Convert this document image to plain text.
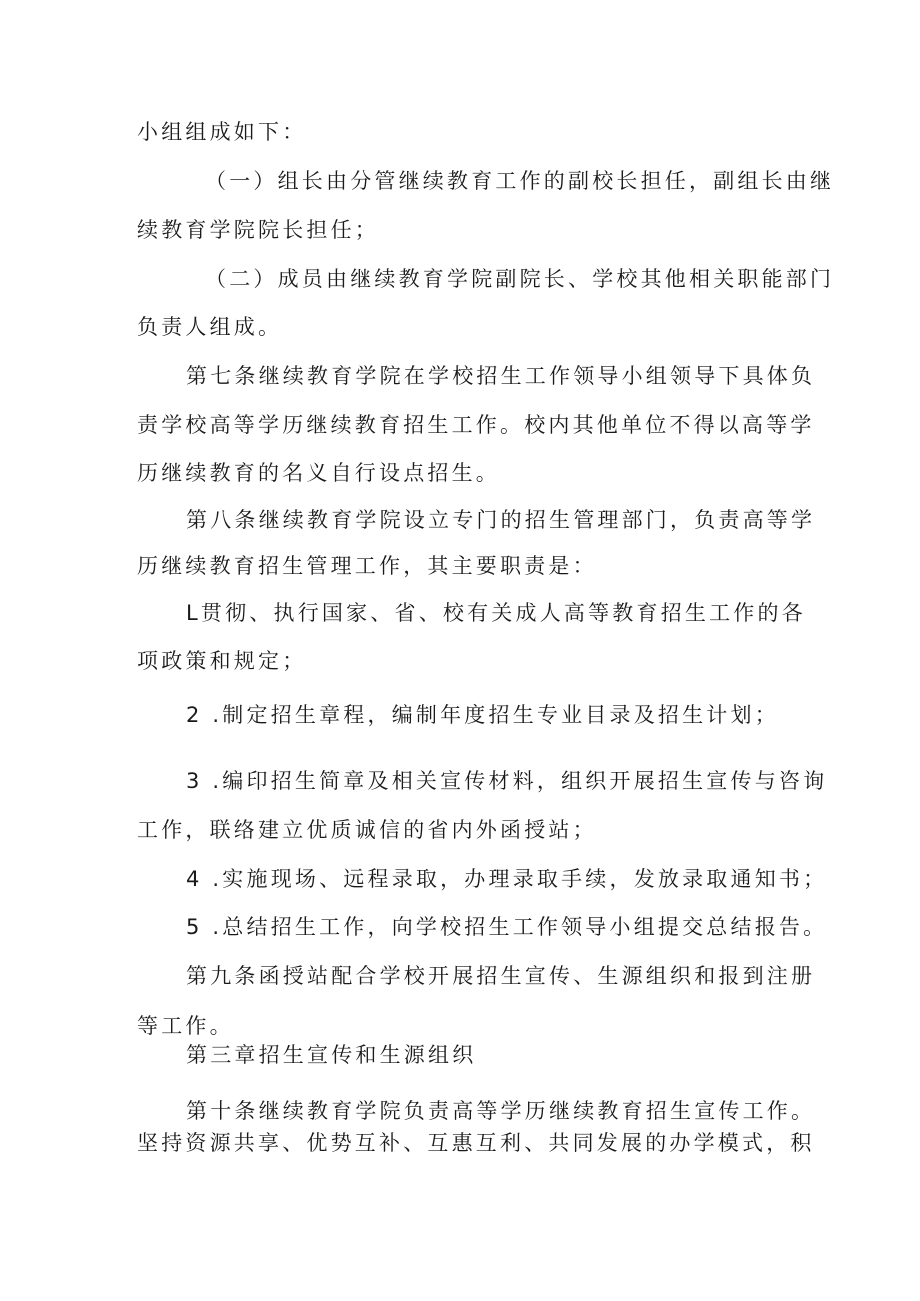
小组组成如下：
（一）组长由分管继续教育工作的副校长担任，副组长由继
续教育学院院长担任；
（二）成员由继续教育学院副院长、学校其他相关职能部门
负责人组成。
第七条继续教育学院在学校招生工作领导小组领导下具体负
责学校高等学历继续教育招生工作。校内其他单位不得以高等学
历继续教育的名义自行设点招生。
第八条继续教育学院设立专门的招生管理部门，负责高等学
历继续教育招生管理工作，其主要职责是：
L贯彻、执行国家、省、校有关成人高等教育招生工作的各
项政策和规定；
2 .制定招生章程，编制年度招生专业目录及招生计划；
3 .编印招生简章及相关宣传材料，组织开展招生宣传与咨询
工作，联络建立优质诚信的省内外函授站；
4 .实施现场、远程录取，办理录取手续，发放录取通知书；
5 .总结招生工作，向学校招生工作领导小组提交总结报告。
第九条函授站配合学校开展招生宣传、生源组织和报到注册
等工作。
第三章招生宣传和生源组织
第十条继续教育学院负责高等学历继续教育招生宣传工作。
坚持资源共享、优势互补、互惠互利、共同发展的办学模式，积
